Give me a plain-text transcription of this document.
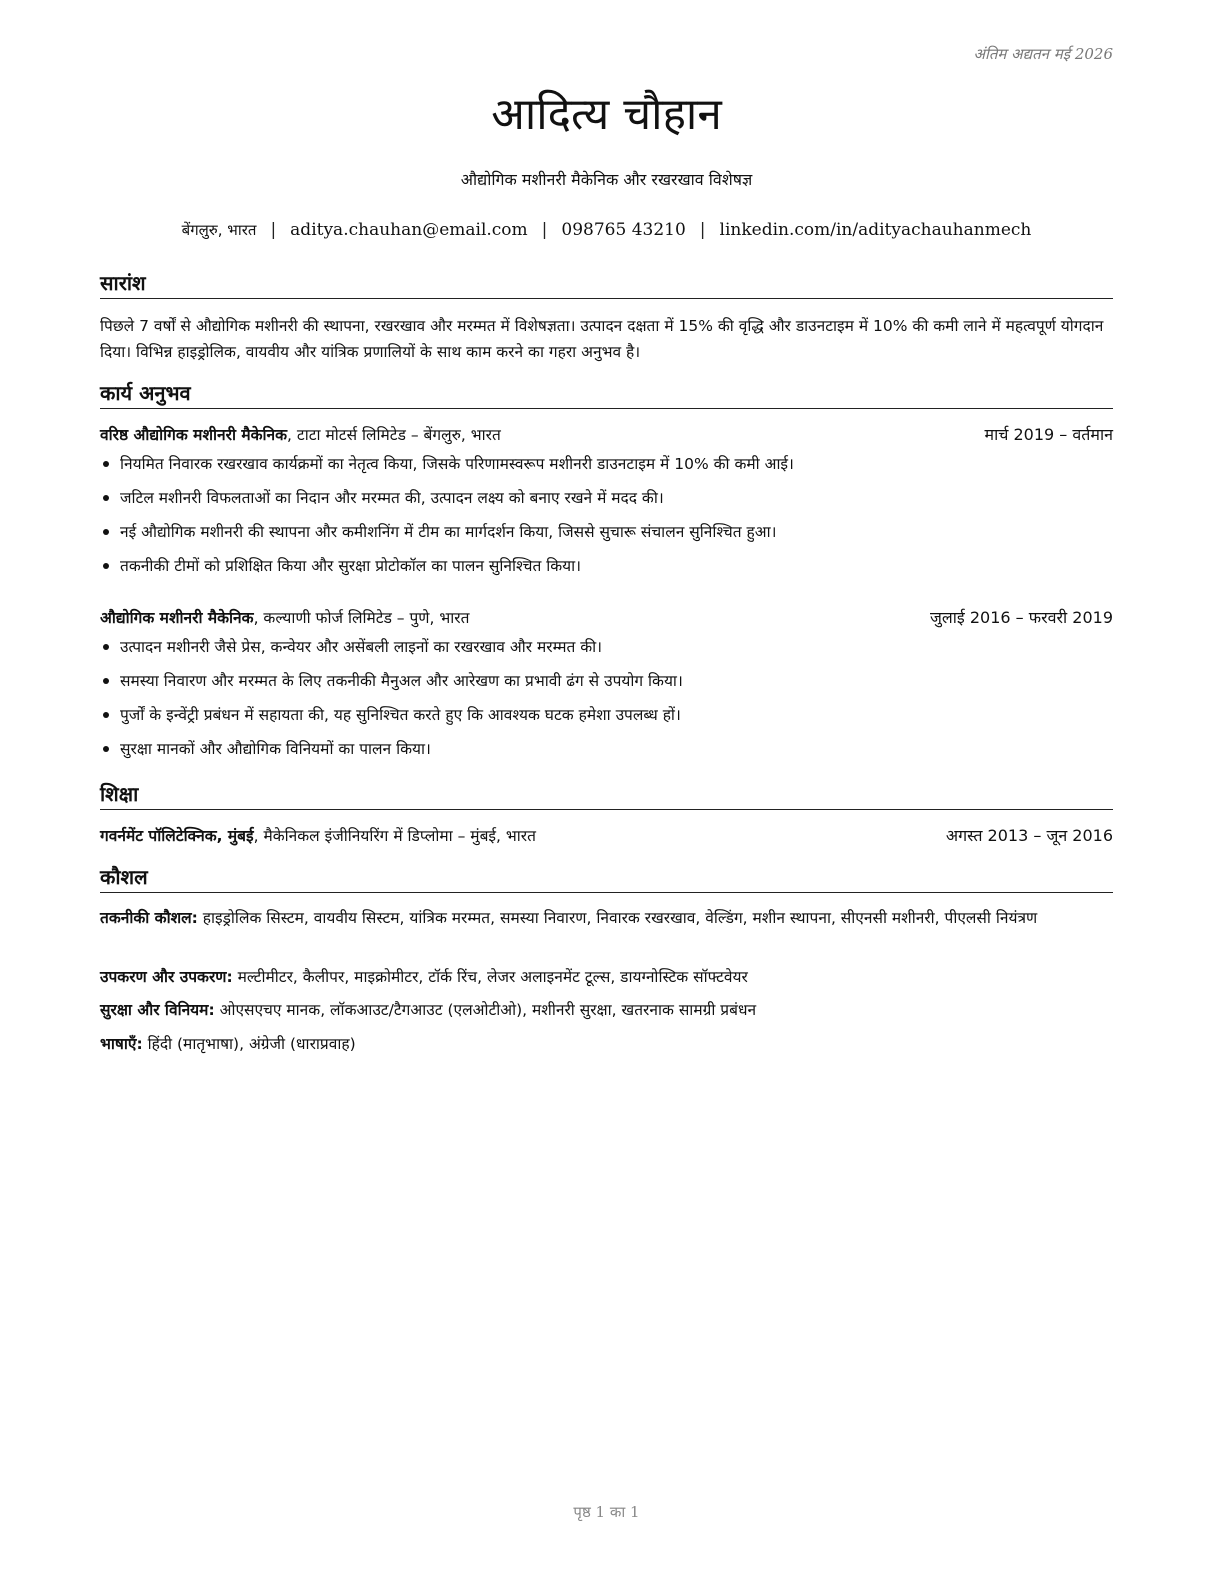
अंतिम अद्यतन मई 2026
आदित्य चौहान
औद्योगिक मशीनरी मैकेनिक और रखरखाव विशेषज्ञ
बेंगलुरु, भारत | aditya.chauhan@email.com | 098765 43210 | linkedin.com/in/adityachauhanmech
सारांश
पिछले 7 वर्षों से औद्योगिक मशीनरी की स्थापना, रखरखाव और मरम्मत में विशेषज्ञता। उत्पादन दक्षता में 15% की वृद्धि और डाउनटाइम में 10% की कमी लाने में महत्वपूर्ण योगदान दिया। विभिन्न हाइड्रोलिक, वायवीय और यांत्रिक प्रणालियों के साथ काम करने का गहरा अनुभव है।
कार्य अनुभव
वरिष्ठ औद्योगिक मशीनरी मैकेनिक, टाटा मोटर्स लिमिटेड – बेंगलुरु, भारत	मार्च 2019 – वर्तमान
नियमित निवारक रखरखाव कार्यक्रमों का नेतृत्व किया, जिसके परिणामस्वरूप मशीनरी डाउनटाइम में 10% की कमी आई।
जटिल मशीनरी विफलताओं का निदान और मरम्मत की, उत्पादन लक्ष्य को बनाए रखने में मदद की।
नई औद्योगिक मशीनरी की स्थापना और कमीशनिंग में टीम का मार्गदर्शन किया, जिससे सुचारू संचालन सुनिश्चित हुआ।
तकनीकी टीमों को प्रशिक्षित किया और सुरक्षा प्रोटोकॉल का पालन सुनिश्चित किया।
औद्योगिक मशीनरी मैकेनिक, कल्याणी फोर्ज लिमिटेड – पुणे, भारत	जुलाई 2016 – फरवरी 2019
उत्पादन मशीनरी जैसे प्रेस, कन्वेयर और असेंबली लाइनों का रखरखाव और मरम्मत की।
समस्या निवारण और मरम्मत के लिए तकनीकी मैनुअल और आरेखण का प्रभावी ढंग से उपयोग किया।
पुर्जों के इन्वेंट्री प्रबंधन में सहायता की, यह सुनिश्चित करते हुए कि आवश्यक घटक हमेशा उपलब्ध हों।
सुरक्षा मानकों और औद्योगिक विनियमों का पालन किया।
शिक्षा
गवर्नमेंट पॉलिटेक्निक, मुंबई, मैकेनिकल इंजीनियरिंग में डिप्लोमा – मुंबई, भारत	अगस्त 2013 – जून 2016
कौशल
तकनीकी कौशल: हाइड्रोलिक सिस्टम, वायवीय सिस्टम, यांत्रिक मरम्मत, समस्या निवारण, निवारक रखरखाव, वेल्डिंग, मशीन स्थापना, सीएनसी मशीनरी, पीएलसी नियंत्रण
उपकरण और उपकरण: मल्टीमीटर, कैलीपर, माइक्रोमीटर, टॉर्क रिंच, लेजर अलाइनमेंट टूल्स, डायग्नोस्टिक सॉफ्टवेयर
सुरक्षा और विनियम: ओएसएचए मानक, लॉकआउट/टैगआउट (एलओटीओ), मशीनरी सुरक्षा, खतरनाक सामग्री प्रबंधन
भाषाएँ: हिंदी (मातृभाषा), अंग्रेजी (धाराप्रवाह)
पृष्ठ 1 का 1
